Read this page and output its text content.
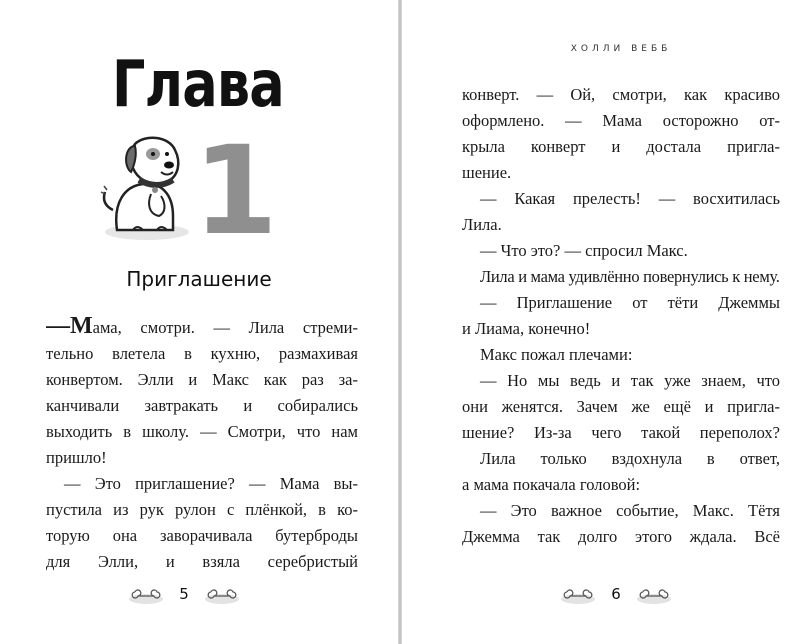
Глава
1
Приглашение
—Мама, смотри. — Лила стреми-
тельно влетела в кухню, размахивая
конвертом. Элли и Макс как раз за-
канчивали завтракать и собирались
выходить в школу. — Смотри, что нам
пришло!
— Это приглашение? — Мама вы-
пустила из рук рулон с плёнкой, в ко-
торую она заворачивала бутерброды
для Элли, и взяла серебристый
5
ХОЛЛИ ВЕББ
конверт. — Ой, смотри, как красиво
оформлено. — Мама осторожно от-
крыла конверт и достала пригла-
шение.
— Какая прелесть! — восхитилась
Лила.
— Что это? — спросил Макс.
Лила и мама удивлённо повернулись к нему.
— Приглашение от тёти Джеммы
и Лиама, конечно!
Макс пожал плечами:
— Но мы ведь и так уже знаем, что
они женятся. Зачем же ещё и пригла-
шение? Из-за чего такой переполох?
Лила только вздохнула в ответ,
а мама покачала головой:
— Это важное событие, Макс. Тётя
Джемма так долго этого ждала. Всё
6
